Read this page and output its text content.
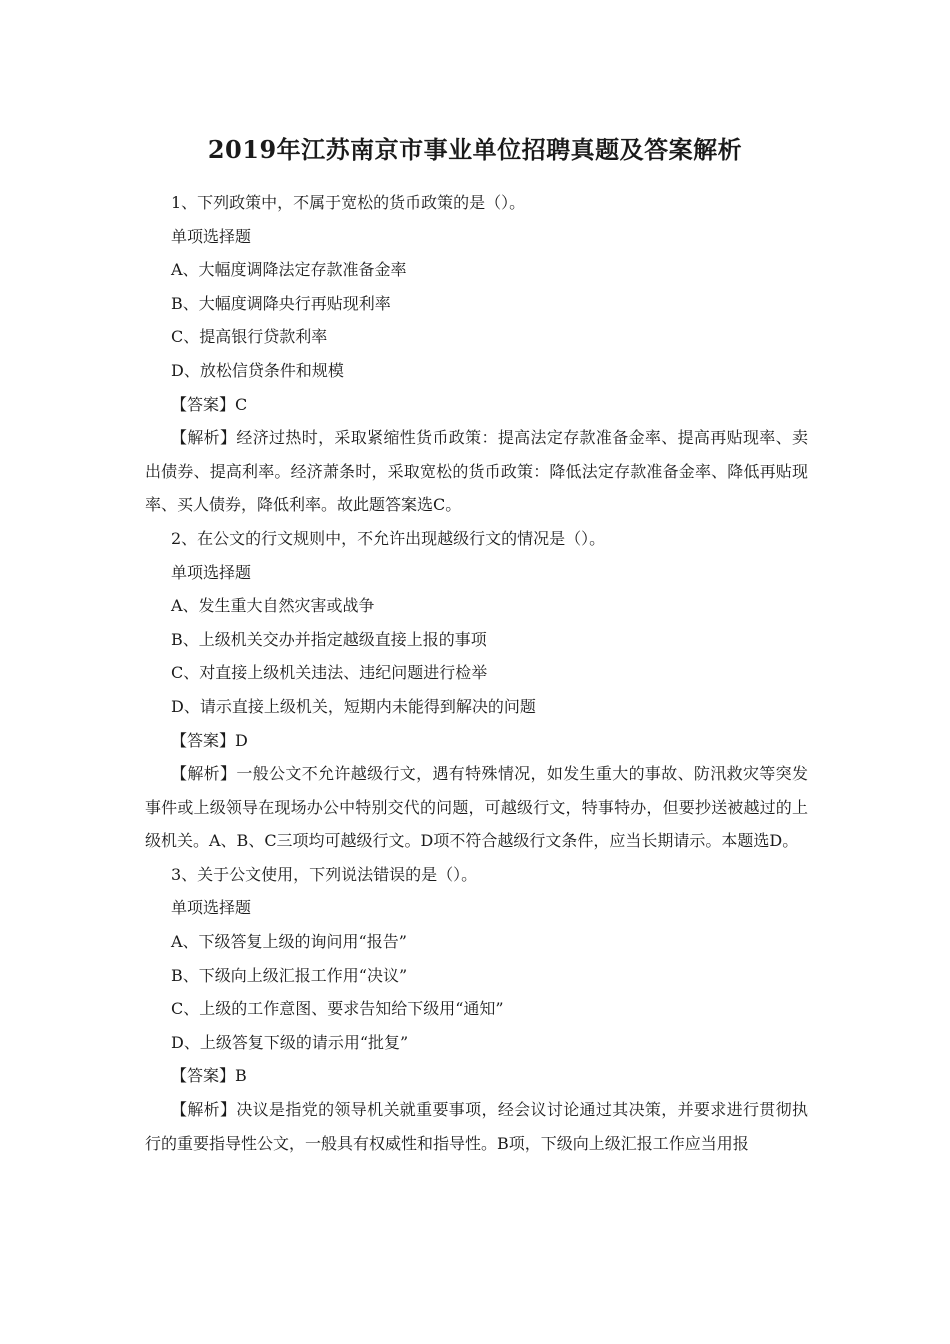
2019年江苏南京市事业单位招聘真题及答案解析
1、下列政策中，不属于宽松的货币政策的是（）。
单项选择题
A、大幅度调降法定存款准备金率
B、大幅度调降央行再贴现利率
C、提高银行贷款利率
D、放松信贷条件和规模
【答案】C
【解析】经济过热时，采取紧缩性货币政策：提高法定存款准备金率、提高再贴现率、卖出债券、提高利率。经济萧条时，采取宽松的货币政策：降低法定存款准备金率、降低再贴现率、买人债券，降低利率。故此题答案选C。
2、在公文的行文规则中，不允许出现越级行文的情况是（）。
单项选择题
A、发生重大自然灾害或战争
B、上级机关交办并指定越级直接上报的事项
C、对直接上级机关违法、违纪问题进行检举
D、请示直接上级机关，短期内未能得到解决的问题
【答案】D
【解析】一般公文不允许越级行文，遇有特殊情况，如发生重大的事故、防汛救灾等突发事件或上级领导在现场办公中特别交代的问题，可越级行文，特事特办，但要抄送被越过的上级机关。A、B、C三项均可越级行文。D项不符合越级行文条件，应当长期请示。本题选D。
3、关于公文使用，下列说法错误的是（）。
单项选择题
A、下级答复上级的询问用“报告”
B、下级向上级汇报工作用“决议”
C、上级的工作意图、要求告知给下级用“通知”
D、上级答复下级的请示用“批复”
【答案】B
【解析】决议是指党的领导机关就重要事项，经会议讨论通过其决策，并要求进行贯彻执行的重要指导性公文，一般具有权威性和指导性。B项，下级向上级汇报工作应当用报
